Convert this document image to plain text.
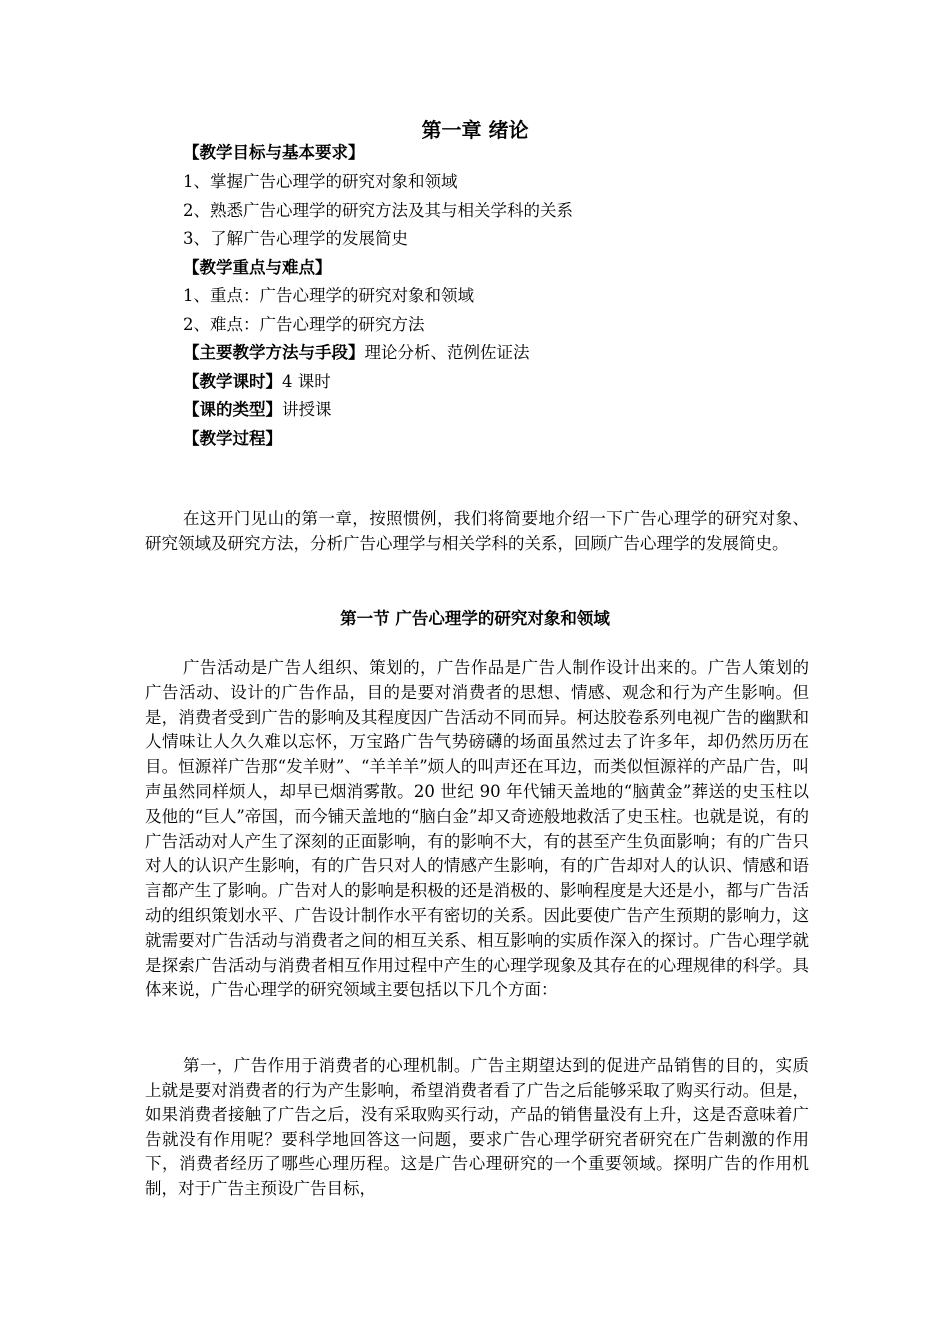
第一章 绪论
【教学目标与基本要求】
1、掌握广告心理学的研究对象和领域
2、熟悉广告心理学的研究方法及其与相关学科的关系
3、了解广告心理学的发展简史
【教学重点与难点】
1、重点：广告心理学的研究对象和领域
2、难点：广告心理学的研究方法
【主要教学方法与手段】理论分析、范例佐证法
【教学课时】4 课时
【课的类型】讲授课
【教学过程】

在这开门见山的第一章，按照惯例，我们将简要地介绍一下广告心理学的研究对象、研究领域及研究方法，分析广告心理学与相关学科的关系，回顾广告心理学的发展简史。

第一节 广告心理学的研究对象和领域

广告活动是广告人组织、策划的，广告作品是广告人制作设计出来的。广告人策划的广告活动、设计的广告作品，目的是要对消费者的思想、情感、观念和行为产生影响。但是，消费者受到广告的影响及其程度因广告活动不同而异。柯达胶卷系列电视广告的幽默和人情味让人久久难以忘怀，万宝路广告气势磅礴的场面虽然过去了许多年，却仍然历历在目。恒源祥广告那“发羊财”、“羊羊羊”烦人的叫声还在耳边，而类似恒源祥的产品广告，叫声虽然同样烦人，却早已烟消雾散。20 世纪 90 年代铺天盖地的“脑黄金”葬送的史玉柱以及他的“巨人”帝国，而今铺天盖地的“脑白金”却又奇迹般地救活了史玉柱。也就是说，有的广告活动对人产生了深刻的正面影响，有的影响不大，有的甚至产生负面影响；有的广告只对人的认识产生影响，有的广告只对人的情感产生影响，有的广告却对人的认识、情感和语言都产生了影响。广告对人的影响是积极的还是消极的、影响程度是大还是小，都与广告活动的组织策划水平、广告设计制作水平有密切的关系。因此要使广告产生预期的影响力，这就需要对广告活动与消费者之间的相互关系、相互影响的实质作深入的探讨。广告心理学就是探索广告活动与消费者相互作用过程中产生的心理学现象及其存在的心理规律的科学。具体来说，广告心理学的研究领域主要包括以下几个方面：

第一，广告作用于消费者的心理机制。广告主期望达到的促进产品销售的目的，实质上就是要对消费者的行为产生影响，希望消费者看了广告之后能够采取了购买行动。但是，如果消费者接触了广告之后，没有采取购买行动，产品的销售量没有上升，这是否意味着广告就没有作用呢？要科学地回答这一问题，要求广告心理学研究者研究在广告刺激的作用下，消费者经历了哪些心理历程。这是广告心理研究的一个重要领域。探明广告的作用机制，对于广告主预设广告目标，
